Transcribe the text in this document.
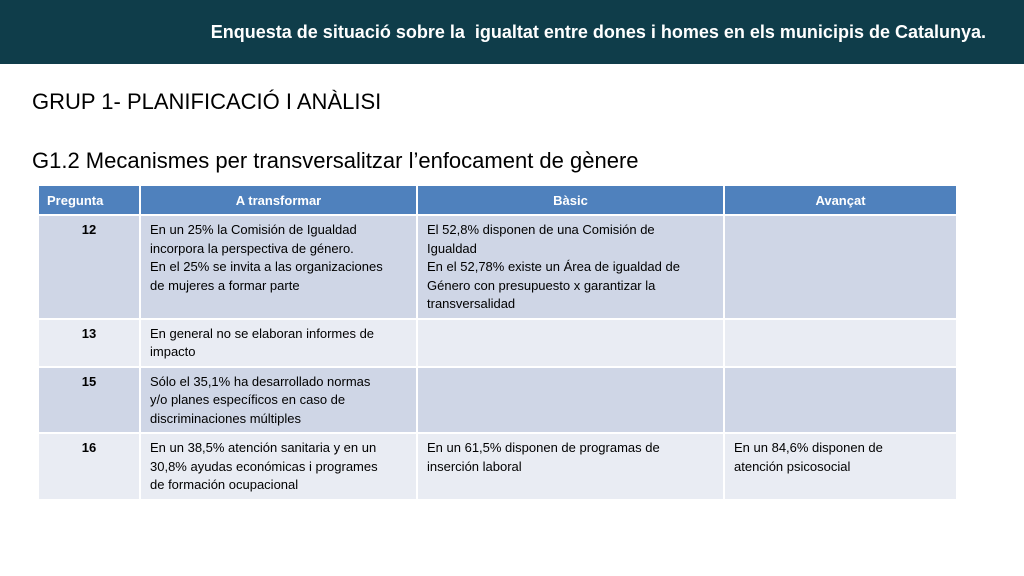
Enquesta de situació sobre la  igualtat entre dones i homes en els municipis de Catalunya.
GRUP 1- PLANIFICACIÓ I ANÀLISI
G1.2 Mecanismes per transversalitzar l’enfocament de gènere
Pregunta	A transformar	Bàsic	Avançat
12	En un 25% la Comisión de Igualdad
incorpora la perspectiva de género.
En el 25% se invita a las organizaciones
de mujeres a formar parte	El 52,8% disponen de una Comisión de
Igualdad
En el 52,78% existe un Área de igualdad de
Género con presupuesto x garantizar la
transversalidad	

13	En general no se elaboran informes de
impacto		

15	Sólo el 35,1% ha desarrollado normas
y/o planes específicos en caso de
discriminaciones múltiples		

16	En un 38,5% atención sanitaria y en un
30,8% ayudas económicas i programes
de formación ocupacional	En un 61,5% disponen de programas de
inserción laboral	En un 84,6% disponen de
atención psicosocial
